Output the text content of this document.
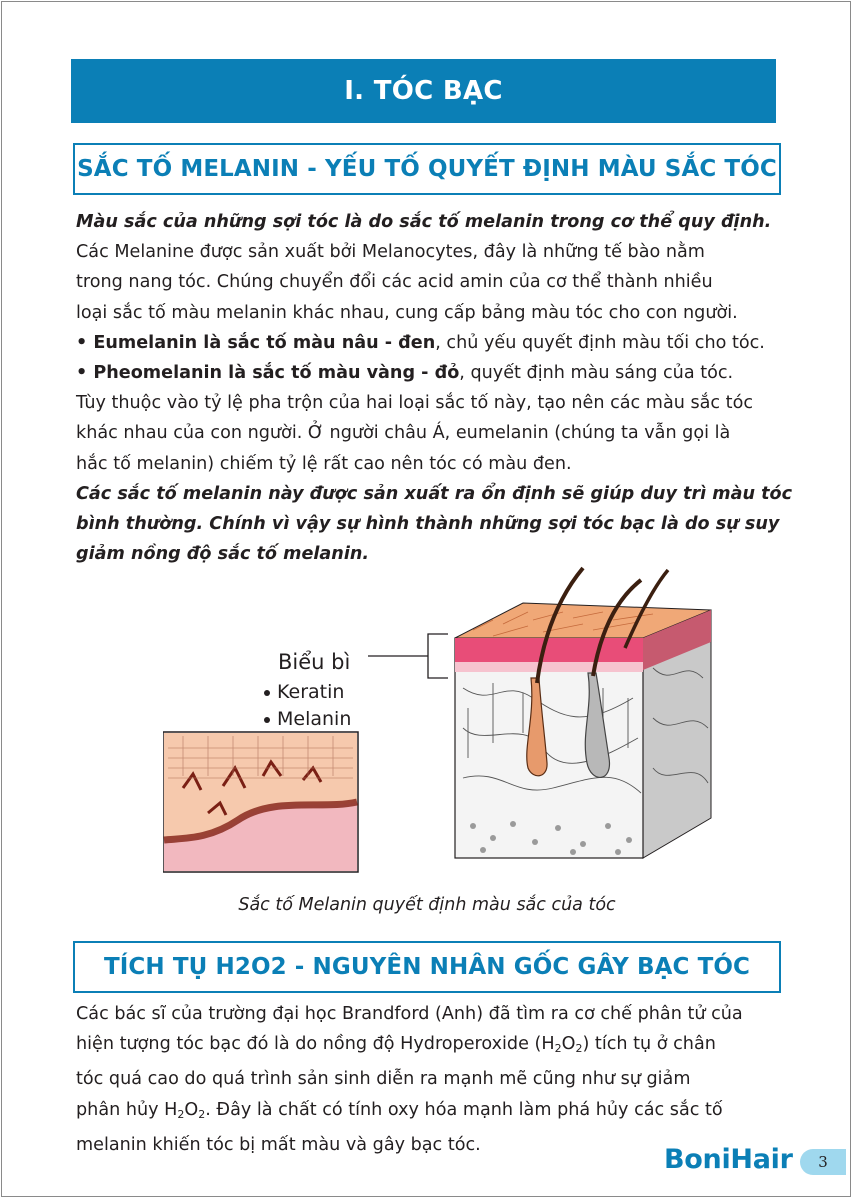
I. TÓC BẠC
SẮC TỐ MELANIN - YẾU TỐ QUYẾT ĐỊNH MÀU SẮC TÓC

Màu sắc của những sợi tóc là do sắc tố melanin trong cơ thể quy định.

Các Melanine được sản xuất bởi Melanocytes, đây là những tế bào nằm

trong nang tóc. Chúng chuyển đổi các acid amin của cơ thể thành nhiều

loại sắc tố màu melanin khác nhau, cung cấp bảng màu tóc cho con người.

• Eumelanin là sắc tố màu nâu - đen, chủ yếu quyết định màu tối cho tóc.

• Pheomelanin là sắc tố màu vàng - đỏ, quyết định màu sáng của tóc.

Tùy thuộc vào tỷ lệ pha trộn của hai loại sắc tố này, tạo nên các màu sắc tóc

khác nhau của con người. Ở người châu Á, eumelanin (chúng ta vẫn gọi là

hắc tố melanin) chiếm tỷ lệ rất cao nên tóc có màu đen.

Các sắc tố melanin này được sản xuất ra ổn định sẽ giúp duy trì màu tóc

bình thường. Chính vì vậy sự hình thành những sợi tóc bạc là do sự suy

giảm nồng độ sắc tố melanin.

Biểu bì
Keratin
Melanin
Sắc tố Melanin quyết định màu sắc của tóc
TÍCH TỤ H2O2 - NGUYÊN NHÂN GỐC GÂY BẠC TÓC

Các bác sĩ của trường đại học Brandford (Anh) đã tìm ra cơ chế phân tử của

hiện tượng tóc bạc đó là do nồng độ Hydroperoxide $(H_2O_2)$ tích tụ ở chân

tóc quá cao do quá trình sản sinh diễn ra mạnh mẽ cũng như sự giảm

phân hủy $H_2O_2$. Đây là chất có tính oxy hóa mạnh làm phá hủy các sắc tố

melanin khiến tóc bị mất màu và gây bạc tóc.	BoniHair	3
